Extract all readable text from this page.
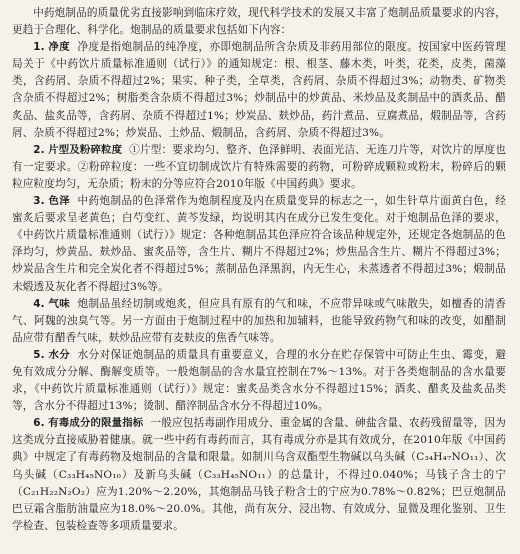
中药炮制品的质量优劣直接影响到临床疗效，现代科学技术的发展又丰富了炮制品质量要求的内容，更趋于合理化、科学化。炮制品的质量要求包括如下内容：

1. 净度 净度是指炮制品的纯净度，亦即炮制品所含杂质及非药用部位的限度。按国家中医药管理局关于《中药饮片质量标准通则（试行）》的通知规定：根、根茎、藤木类，叶类，花类，皮类，菌藻类，含药屑、杂质不得超过2%；果实、种子类，全草类，含药屑、杂质不得超过3%；动物类、矿物类含杂质不得超过2%；树脂类含杂质不得超过3%；炒制品中的炒黄品、米炒品及炙制品中的酒炙品、醋炙品、盐炙品等，含药屑、杂质不得超过1%；炒炭品、麸炒品，药汁煮品、豆腐煮品，煅制品等，含药屑、杂质不得超过2%；炒炭品、土炒品、煅制品，含药屑、杂质不得超过3%。

2. 片型及粉碎粒度 ①片型：要求均匀、整齐、色泽鲜明、表面光洁、无连刀片等，对饮片的厚度也有一定要求。②粉碎粒度：一些不宜切制成饮片有特殊需要的药物，可粉碎成颗粒或粉末，粉碎后的颗粒应粒度均匀，无杂质；粉末的分等应符合2010年版《中国药典》要求。

3. 色泽 中药炮制品的色泽常作为炮制程度及内在质量变异的标志之一，如生针草片面黄白色，经蜜炙后要求呈老黄色；白芍变红、黄芩发绿，均说明其内在成分已发生变化。对于炮制品色泽的要求，《中药饮片质量标准通则（试行）》规定：各种炮制品其色泽应符合该品种规定外，还规定各炮制品的色泽均匀，炒黄品、麸炒品、蜜炙品等，含生片、糊片不得超过2%；炒焦品含生片、糊片不得超过3%；炒炭品含生片和完全炭化者不得超过5%；蒸制品色泽黑润，内无生心，未蒸透者不得超过3%；煅制品未煅透及灰化者不得超过3%等。

4. 气味 炮制品虽经切制或炮炙，但应具有原有的气和味，不应带异味或气味散失，如檀香的清香气、阿魏的浊臭气等。另一方面由于炮制过程中的加热和加辅料，也能导致药物气和味的改变，如醋制品应带有醋香气味，麸炒品应带有麦麸皮的焦香气味等。

5. 水分 水分对保证炮制品的质量具有重要意义，合理的水分在贮存保管中可防止生虫、霉变，避免有效成分分解、酶解变质等。一般炮制品的含水量宜控制在7%～13%。对于各类炮制品的含水量要求，《中药饮片质量标准通则（试行）》规定：蜜炙品类含水分不得超过15%；酒炙、醋炙及盐炙品类等，含水分不得超过13%；烫制、醋淬制品含水分不得超过10%。

6. 有毒成分的限量指标 一般应包括毒副作用成分、重金属的含量、砷盐含量、农药残留量等，因为这类成分直接威胁着健康。就一些中药有毒药而言，其有毒成分亦是其有效成分，在2010年版《中国药典》中规定了有毒药物及炮制品的含量和限量。如制川乌含双酯型生物碱以乌头碱（C₃₄H₄₇NO₁₁）、次乌头碱（C₃₃H₄₅NO₁₀）及新乌头碱（C₃₃H₄₅NO₁₁）的总量计，不得过0.040%；马钱子含士的宁（C₂₁H₂₂N₂O₂）应为1.20%～2.20%，其炮制品马钱子粉含士的宁应为0.78%～0.82%；巴豆炮制品巴豆霜含脂肪油量应为18.0%～20.0%。其他，尚有灰分、浸出物、有效成分、显微及理化鉴别、卫生学检查、包装检查等多项质量要求。
